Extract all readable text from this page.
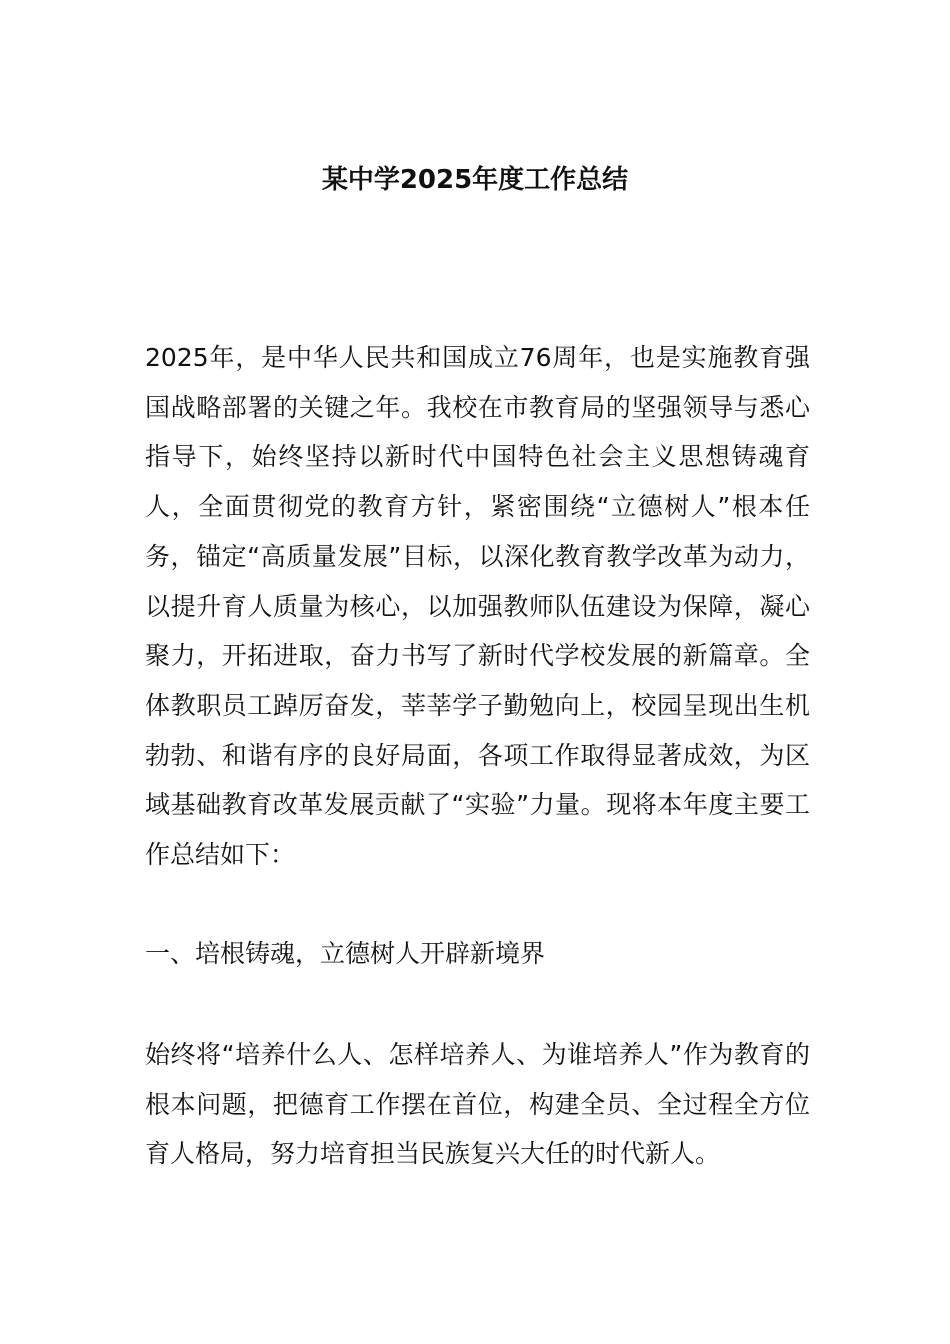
某中学2025年度工作总结

2025年，是中华人民共和国成立76周年，也是实施教育强国战略部署的关键之年。我校在市教育局的坚强领导与悉心指导下，始终坚持以新时代中国特色社会主义思想铸魂育人，全面贯彻党的教育方针，紧密围绕“立德树人”根本任务，锚定“高质量发展”目标，以深化教育教学改革为动力，以提升育人质量为核心，以加强教师队伍建设为保障，凝心聚力，开拓进取，奋力书写了新时代学校发展的新篇章。全体教职员工踔厉奋发，莘莘学子勤勉向上，校园呈现出生机勃勃、和谐有序的良好局面，各项工作取得显著成效，为区域基础教育改革发展贡献了“实验”力量。现将本年度主要工作总结如下：

一、培根铸魂，立德树人开辟新境界

始终将“培养什么人、怎样培养人、为谁培养人”作为教育的根本问题，把德育工作摆在首位，构建全员、全过程全方位育人格局，努力培育担当民族复兴大任的时代新人。
